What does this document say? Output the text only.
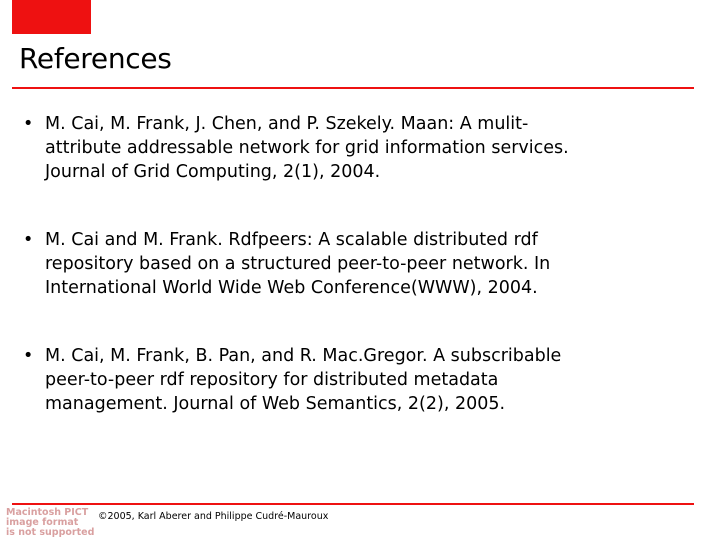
References
• M. Cai, M. Frank, J. Chen, and P. Szekely. Maan: A mulit-
attribute addressable network for grid information services.
Journal of Grid Computing, 2(1), 2004.
• M. Cai and M. Frank. Rdfpeers: A scalable distributed rdf
repository based on a structured peer-to-peer network. In
International World Wide Web Conference(WWW), 2004.
• M. Cai, M. Frank, B. Pan, and R. Mac.Gregor. A subscribable
peer-to-peer rdf repository for distributed metadata
management. Journal of Web Semantics, 2(2), 2005.
Macintosh PICT
image format
is not supported
©2005, Karl Aberer and Philippe Cudré-Mauroux
